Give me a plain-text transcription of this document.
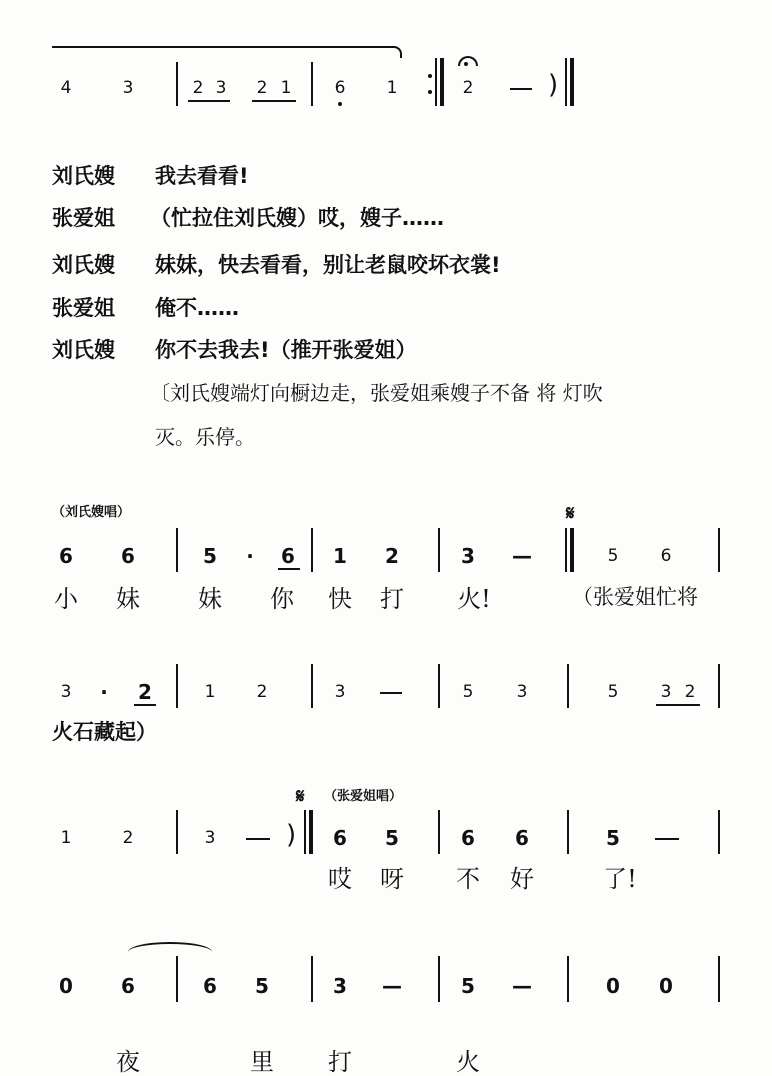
4	3	2 3 2 1	6 1	2	)
刘氏嫂 我去看看!
张爱姐 （忙拉住刘氏嫂）哎，嫂子……
刘氏嫂 妹妹，快去看看，别让老鼠咬坏衣裳!
张爱姐 俺不……
刘氏嫂 你不去我去!（推开张爱姐）
〔刘氏嫂端灯向橱边走，张爱姐乘嫂子不备 将 灯吹
灭。乐停。
（刘氏嫂唱）	𝄋
6 6	5 · 6 1 2	3 —	5 6
小 妹 妹 你 快 打 火!	（张爱姐忙将
3 · 2	1 2	3	5	3	5 3 2
火石藏起）
𝄋 （张爱姐唱）
1	2	3	) 6 5	6 6	5
哎 呀 不 好	了!
0 6	6 5	3 —	5 —	0 0
夜	里 打	火
